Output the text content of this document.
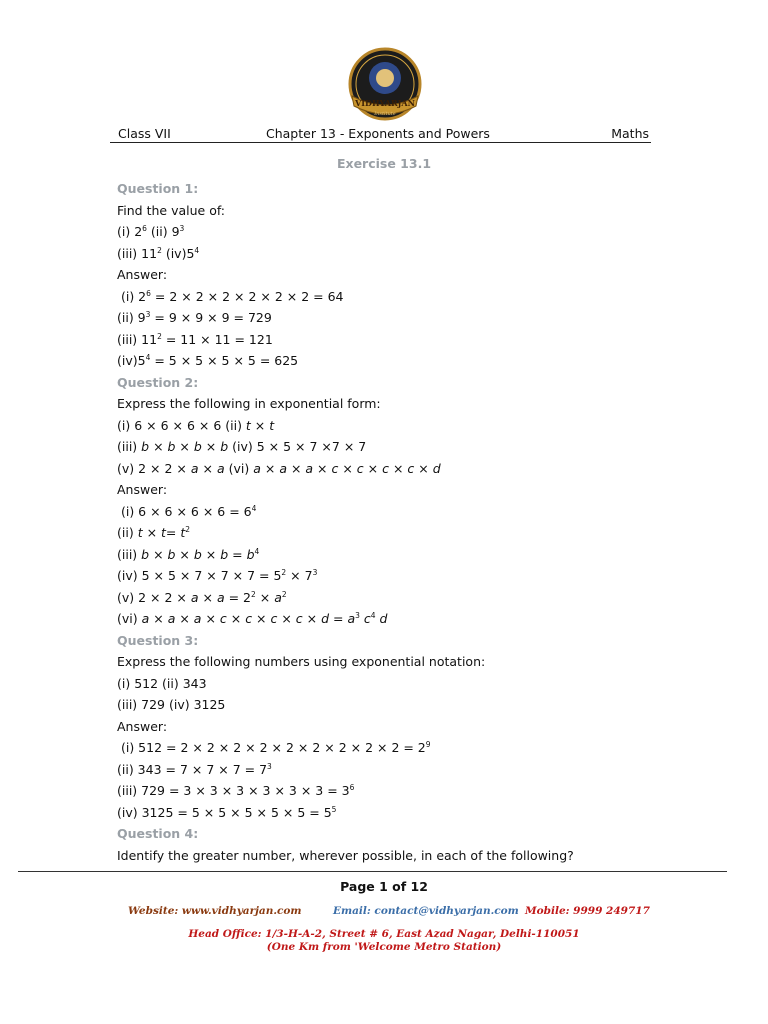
VIDHYARJAN
Institute
Class VII	Chapter 13 - Exponents and Powers	Maths
Exercise 13.1
Question 1:
Find the value of:
(i) $2^6$ (ii) $9^3$
(iii) $11^2$ $(iv)5^4$
Answer:
(i) $2^6 = 2 \times 2 \times 2 \times 2 \times 2 \times 2 = 64$
(ii) $9^3 = 9 \times 9 \times 9 = 729$
(iii) $11^2 = 11 \times 11 = 121$
$(iv)5^4 = 5 \times 5 \times 5 \times 5 = 625$
Question 2:
Express the following in exponential form:
(i) 6 × 6 × 6 × 6 (ii) t × t
(iii) b × b × b × b (iv) 5 × 5 × 7 ×7 × 7
(v) 2 × 2 × a × a (vi) a × a × a × c × c × c × c × d
Answer:
(i) $6 \times 6 \times 6 \times 6 = 6^4$
(ii) $t \times t= t^2$
(iii) $b \times b \times b \times b = b^4$
(iv) $5 \times 5 \times 7 \times 7 \times 7 = 5^2 \times 7^3$
(v) $2 \times 2 \times a \times a = 2^2 \times a^2$
(vi) $a \times a \times a \times c \times c \times c \times c \times d = a^3$ $c^4$ d
Question 3:
Express the following numbers using exponential notation:
(i) 512 (ii) 343
(iii) 729 (iv) 3125
Answer:
(i) $512 = 2 \times 2 \times 2 \times 2 \times 2 \times 2 \times 2 \times 2 \times 2 = 2^9$
(ii) $343 = 7 \times 7 \times 7 = 7^3$
(iii) $729 = 3 \times 3 \times 3 \times 3 \times 3 \times 3 = 3^6$
(iv) $3125 = 5 \times 5 \times 5 \times 5 \times 5 = 5^5$
Question 4:
Identify the greater number, wherever possible, in each of the following?
Page 1 of 12
Website: www.vidhyarjan.com	Email: contact@vidhyarjan.com Mobile: 9999 249717
Head Office: 1/3-H-A-2, Street # 6, East Azad Nagar, Delhi-110051
(One Km from 'Welcome Metro Station)
